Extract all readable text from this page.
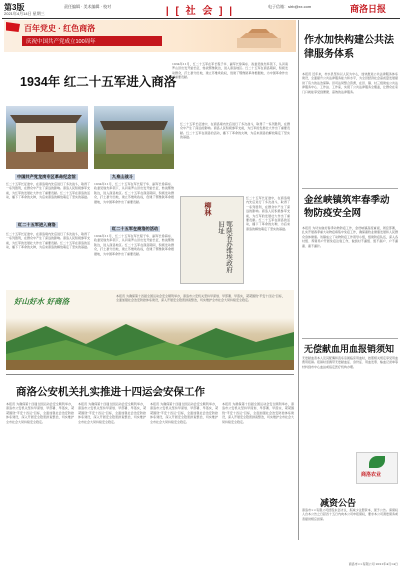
第3版
2021年4月14日 星期三
责任编辑 · 美术编辑 · 校对	| [ 社 会 ] |	电子信箱：slrb@xx.com	商洛日报
百年党史 · 红色商洛
庆祝中国共产党成立100周年
1934年 红二十五军进入商洛
1934年11月，红二十五军在军长程子华、副军长徐海东、政委吴焕先率领下，从河南罗山县出发开始长征，转战鄂豫陕边，进入商洛地区。红二十五军在商洛期间，积极发动群众，打土豪分田地，建立苏维埃政权，创建了鄂豫陕革命根据地，为中国革命作出了重要贡献。
中国共产党龙岗专区革命纪念馆	九泉山战斗
红二十五军长征途中，在商洛境内先后进行了多次战斗，取得了一系列胜利，在群众中产生了深远的影响。商洛人民积极参军支前，为红军的发展壮大作出了重要贡献。红二十五军在商洛的活动，播下了革命的火种，为后来商洛的解放奠定了坚实的基础。
1934年11月，红二十五军在军长程子华、副军长徐海东、政委吴焕先率领下，从河南罗山县出发开始长征，转战鄂豫陕边，进入商洛地区。红二十五军在商洛期间，积极发动群众，打土豪分田地，建立苏维埃政权，创建了鄂豫陕革命根据地，为中国革命作出了重要贡献。
红二十五军进入商洛
红二十五军在商洛的活动
红二十五军长征途中，在商洛境内先后进行了多次战斗，取得了一系列胜利，在群众中产生了深远的影响。商洛人民积极参军支前，为红军的发展壮大作出了重要贡献。红二十五军在商洛的活动，播下了革命的火种，为后来商洛的解放奠定了坚实的基础。
1934年11月，红二十五军在军长程子华、副军长徐海东、政委吴焕先率领下，从河南罗山县出发开始长征，转战鄂豫陕边，进入商洛地区。红二十五军在商洛期间，积极发动群众，打土豪分田地，建立苏维埃政权，创建了鄂豫陕革命根据地，为中国革命作出了重要贡献。
红二十五军长征途中，在商洛境内先后进行了多次战斗，取得了一系列胜利，在群众中产生了深远的影响。商洛人民积极参军支前，为红军的发展壮大作出了重要贡献。红二十五军在商洛的活动，播下了革命的火种，为后来商洛的解放奠定了坚实的基础。
柳林
鄂陕省苏维埃政府旧址
红二十五军长征途中，在商洛境内先后进行了多次战斗，取得了一系列胜利，在群众中产生了深远的影响。商洛人民积极参军支前，为红军的发展壮大作出了重要贡献。红二十五军在商洛的活动，播下了革命的火种，为后来商洛的解放奠定了坚实的基础。
作水加快构建公共法律服务体系
本报讯 近年来，柞水县坚持以人民为中心，加快推进公共法律服务体系建设，全面提升公共法律服务能力和水平，为全县经济社会高质量发展提供了有力的法治保障。县司法局整合资源，在县、镇、村三级建成公共法律服务中心、工作站、工作室，实现了公共法律服务全覆盖，让群众在家门口就能享受到便捷、高效的法律服务。
金丝峡镇筑牢春季动物防疫安全网
本报讯 为切实做好春季动物防疫工作，金丝峡镇高度重视，周密部署，扎实开展春季重大动物疫病集中免疫工作，确保畜牧业健康发展和人民群众身体健康。该镇成立了动物防疫工作领导小组，组建防疫队伍，深入各村组、养殖场户开展免疫注射工作，做到村不漏组、组不漏户、户不漏畜、畜不漏针。
无偿献血用血报销须知
无偿献血者本人及其配偶和直系亲属临床用血时，按照相关规定享受用血费用报销。报销时需携带无偿献血证、身份证、用血发票、输血记录单等材料到市中心血站或指定医疗机构办理。
商洛农业
减资公告
商洛市××有限公司经股东会决议，拟减少注册资本，现予公告。请债权人自本公告之日起四十五日内向本公司申报债权，要求本公司清偿债务或者提供相应担保。
商洛市××有限公司 2021年4月14日
好山好水 好商洛
本报讯 为确保第十四届全国运动会安全顺利举办，商洛市公安机关坚持早谋划、早部署、早落实，紧紧围绕"平安十四运"目标，全面加强社会治安防控体系建设，深入开展安全隐患排查整治，切实维护全市社会大局持续安全稳定。
商洛公安机关扎实推进十四运会安保工作
本报讯 为确保第十四届全国运动会安全顺利举办，商洛市公安机关坚持早谋划、早部署、早落实，紧紧围绕"平安十四运"目标，全面加强社会治安防控体系建设，深入开展安全隐患排查整治，切实维护全市社会大局持续安全稳定。
本报讯 为确保第十四届全国运动会安全顺利举办，商洛市公安机关坚持早谋划、早部署、早落实，紧紧围绕"平安十四运"目标，全面加强社会治安防控体系建设，深入开展安全隐患排查整治，切实维护全市社会大局持续安全稳定。
本报讯 为确保第十四届全国运动会安全顺利举办，商洛市公安机关坚持早谋划、早部署、早落实，紧紧围绕"平安十四运"目标，全面加强社会治安防控体系建设，深入开展安全隐患排查整治，切实维护全市社会大局持续安全稳定。
本报讯 为确保第十四届全国运动会安全顺利举办，商洛市公安机关坚持早谋划、早部署、早落实，紧紧围绕"平安十四运"目标，全面加强社会治安防控体系建设，深入开展安全隐患排查整治，切实维护全市社会大局持续安全稳定。
